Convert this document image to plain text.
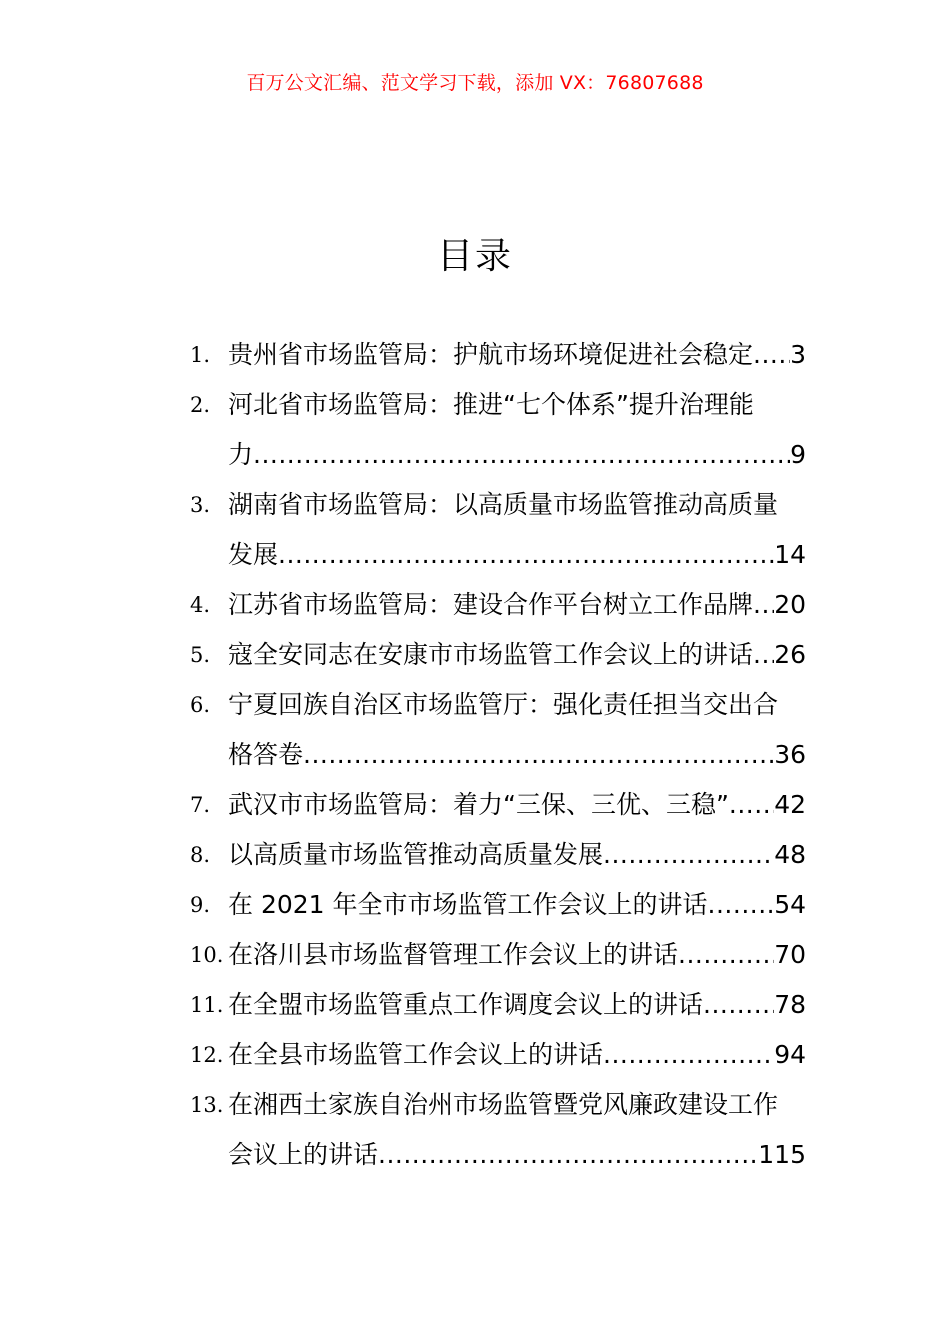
百万公文汇编、范文学习下载，添加 VX：76807688
目录
1. 贵州省市场监管局：护航市场环境促进社会稳定 ..... 3
2. 河北省市场监管局：推进“七个体系”提升治理能
力 .....	9
3. 湖南省市场监管局：以高质量市场监管推动高质量
发展 .....	14
4. 江苏省市场监管局：建设合作平台树立工作品牌 ..... 20
5. 寇全安同志在安康市市场监管工作会议上的讲话 ..... 26
6. 宁夏回族自治区市场监管厅：强化责任担当交出合
格答卷 .....	36
7. 武汉市市场监管局：着力“三保、三优、三稳” ..... 42
8. 以高质量市场监管推动高质量发展 .....	48
9. 在 2021 年全市市场监管工作会议上的讲话 .....	54
10. 在洛川县市场监督管理工作会议上的讲话 .....	70
11. 在全盟市场监管重点工作调度会议上的讲话 .....	78
12. 在全县市场监管工作会议上的讲话 .....	94
13. 在湘西土家族自治州市场监管暨党风廉政建设工作
会议上的讲话 .....	115
